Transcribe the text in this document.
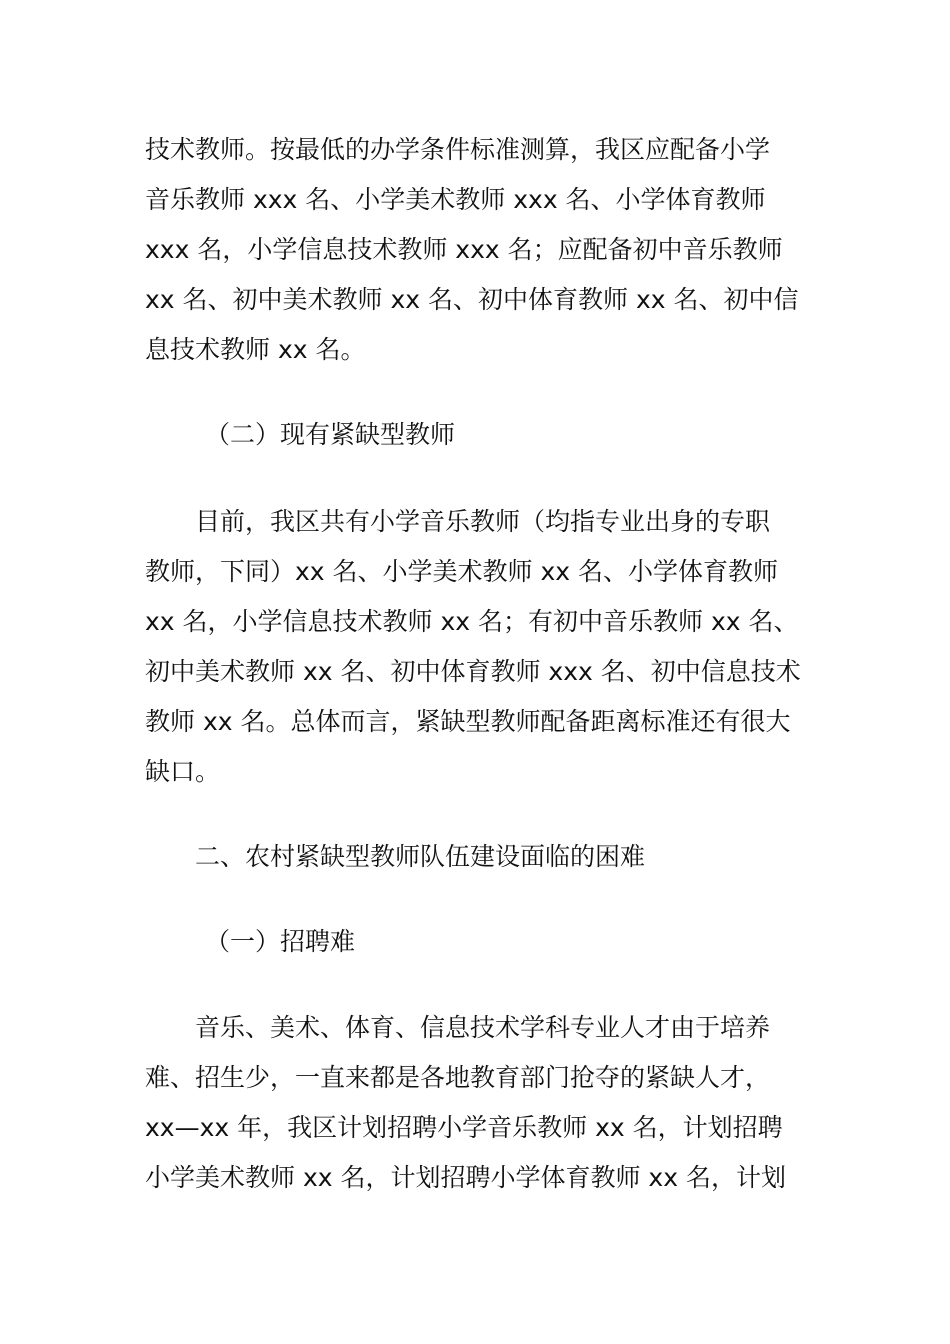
技术教师。按最低的办学条件标准测算，我区应配备小学
音乐教师 xxx 名、小学美术教师 xxx 名、小学体育教师
xxx 名，小学信息技术教师 xxx 名；应配备初中音乐教师
xx 名、初中美术教师 xx 名、初中体育教师 xx 名、初中信
息技术教师 xx 名。
（二）现有紧缺型教师
目前，我区共有小学音乐教师（均指专业出身的专职
教师，下同）xx 名、小学美术教师 xx 名、小学体育教师
xx 名，小学信息技术教师 xx 名；有初中音乐教师 xx 名、
初中美术教师 xx 名、初中体育教师 xxx 名、初中信息技术
教师 xx 名。总体而言，紧缺型教师配备距离标准还有很大
缺口。
二、农村紧缺型教师队伍建设面临的困难
（一）招聘难
音乐、美术、体育、信息技术学科专业人才由于培养
难、招生少，一直来都是各地教育部门抢夺的紧缺人才，
xx—xx 年，我区计划招聘小学音乐教师 xx 名，计划招聘
小学美术教师 xx 名，计划招聘小学体育教师 xx 名，计划
